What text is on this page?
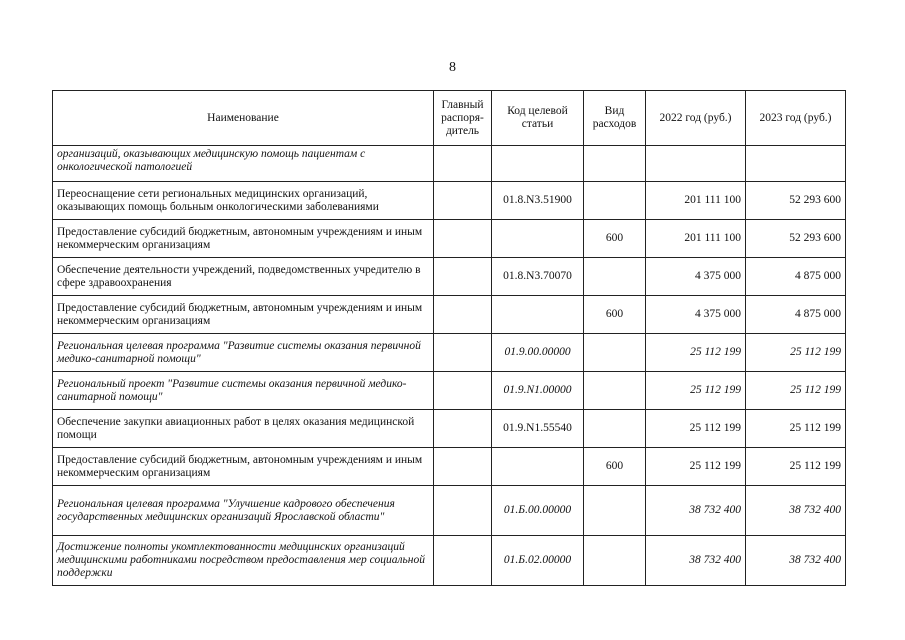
8
Наименование	Главный распоря-дитель	Код целевой статьи	Вид расходов	2022 год (руб.)	2023 год (руб.)
организаций, оказывающих медицинскую помощь пациентам с онкологической патологией					
Переоснащение сети региональных медицинских организаций, оказывающих помощь больным онкологическими заболеваниями		01.8.N3.51900		201 111 100	52 293 600
Предоставление субсидий бюджетным, автономным учреждениям и иным некоммерческим организациям			600	201 111 100	52 293 600
Обеспечение деятельности учреждений, подведомственных учредителю в сфере здравоохранения		01.8.N3.70070		4 375 000	4 875 000
Предоставление субсидий бюджетным, автономным учреждениям и иным некоммерческим организациям			600	4 375 000	4 875 000
Региональная целевая программа "Развитие системы оказания первичной медико-санитарной помощи"		01.9.00.00000		25 112 199	25 112 199
Региональный проект "Развитие системы оказания первичной медико-санитарной помощи"		01.9.N1.00000		25 112 199	25 112 199
Обеспечение закупки авиационных работ в целях оказания медицинской помощи		01.9.N1.55540		25 112 199	25 112 199
Предоставление субсидий бюджетным, автономным учреждениям и иным некоммерческим организациям			600	25 112 199	25 112 199
Региональная целевая программа "Улучшение кадрового обеспечения государственных медицинских организаций Ярославской области"		01.Б.00.00000		38 732 400	38 732 400
Достижение полноты укомплектованности медицинских организаций медицинскими работниками посредством предоставления мер социальной поддержки		01.Б.02.00000		38 732 400	38 732 400
